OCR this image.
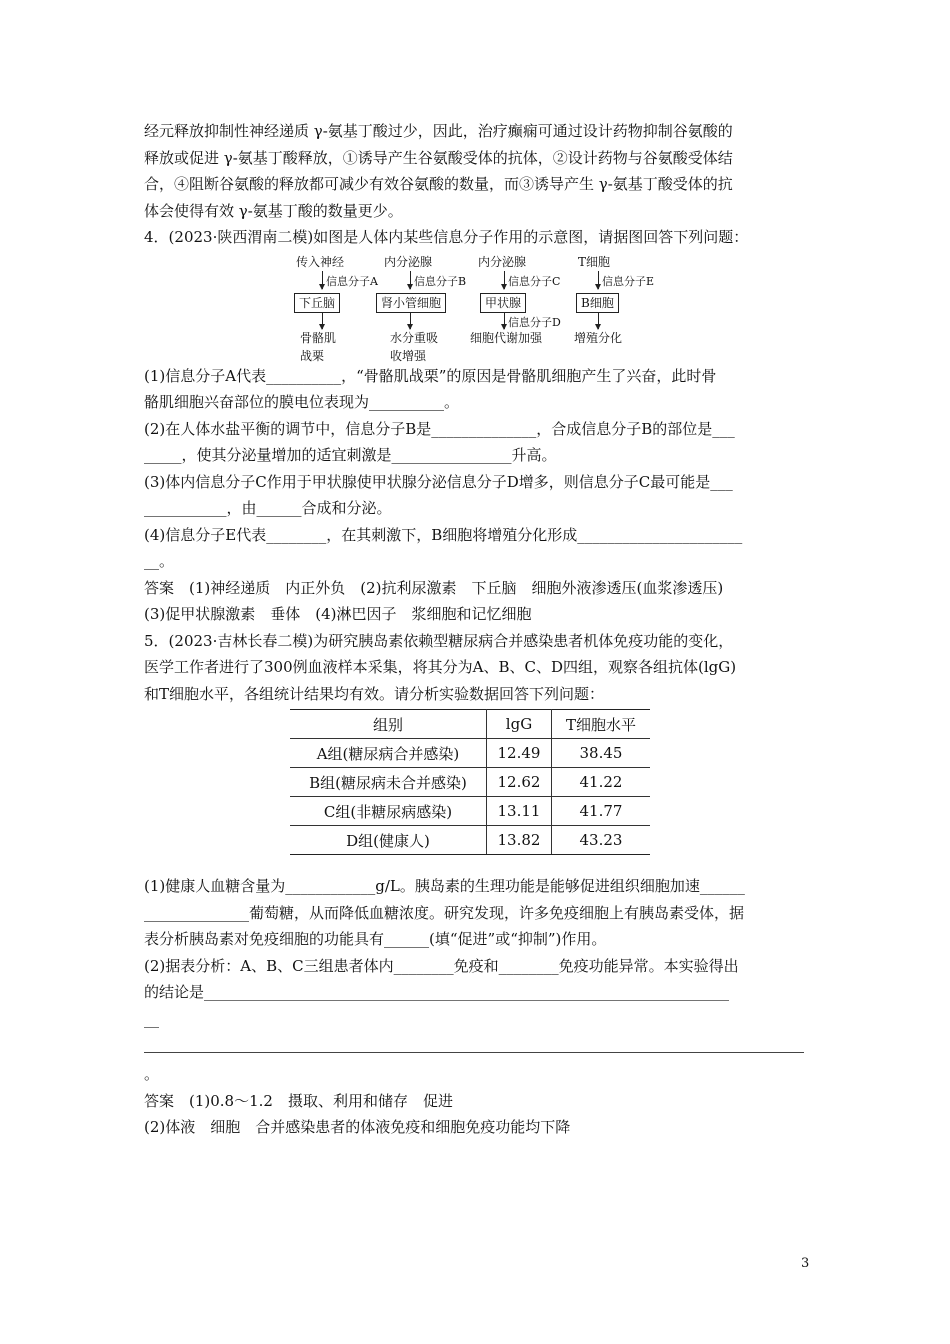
经元释放抑制性神经递质 γ-氨基丁酸过少，因此，治疗癫痫可通过设计药物抑制谷氨酸的
释放或促进 γ-氨基丁酸释放，①诱导产生谷氨酸受体的抗体，②设计药物与谷氨酸受体结
合，④阻断谷氨酸的释放都可减少有效谷氨酸的数量，而③诱导产生 γ-氨基丁酸受体的抗
体会使得有效 γ-氨基丁酸的数量更少。
4．(2023·陕西渭南二模)如图是人体内某些信息分子作用的示意图，请据图回答下列问题：
传入神经
信息分子A
下丘脑
骨骼肌
战栗
内分泌腺
信息分子B
肾小管细胞
水分重吸
收增强
内分泌腺
信息分子C
甲状腺
信息分子D
细胞代谢加强
T细胞
信息分子E
B细胞
增殖分化
(1)信息分子A代表__________，“骨骼肌战栗”的原因是骨骼肌细胞产生了兴奋，此时骨
骼肌细胞兴奋部位的膜电位表现为__________。
(2)在人体水盐平衡的调节中，信息分子B是______________，合成信息分子B的部位是___
_____，使其分泌量增加的适宜刺激是________________升高。
(3)体内信息分子C作用于甲状腺使甲状腺分泌信息分子D增多，则信息分子C最可能是___
___________，由______合成和分泌。
(4)信息分子E代表________，在其刺激下，B细胞将增殖分化形成______________________
__。
答案　(1)神经递质　内正外负　(2)抗利尿激素　下丘脑　细胞外液渗透压(血浆渗透压)
(3)促甲状腺激素　垂体　(4)淋巴因子　浆细胞和记忆细胞
5．(2023·吉林长春二模)为研究胰岛素依赖型糖尿病合并感染患者机体免疫功能的变化，
医学工作者进行了300例血液样本采集，将其分为A、B、C、D四组，观察各组抗体(lgG)
和T细胞水平，各组统计结果均有效。请分析实验数据回答下列问题：
组别	lgG	T细胞水平
A组(糖尿病合并感染)	12.49	38.45
B组(糖尿病未合并感染)	12.62	41.22
C组(非糖尿病感染)	13.11	41.77
D组(健康人)	13.82	43.23
(1)健康人血糖含量为____________g/L。胰岛素的生理功能是能够促进组织细胞加速______
______________葡萄糖，从而降低血糖浓度。研究发现，许多免疫细胞上有胰岛素受体，据
表分析胰岛素对免疫细胞的功能具有______(填“促进”或“抑制”)作用。
(2)据表分析：A、B、C三组患者体内________免疫和________免疫功能异常。本实验得出
的结论是______________________________________________________________________
__
。
答案　(1)0.8～1.2　摄取、利用和储存　促进
(2)体液　细胞　合并感染患者的体液免疫和细胞免疫功能均下降
3
